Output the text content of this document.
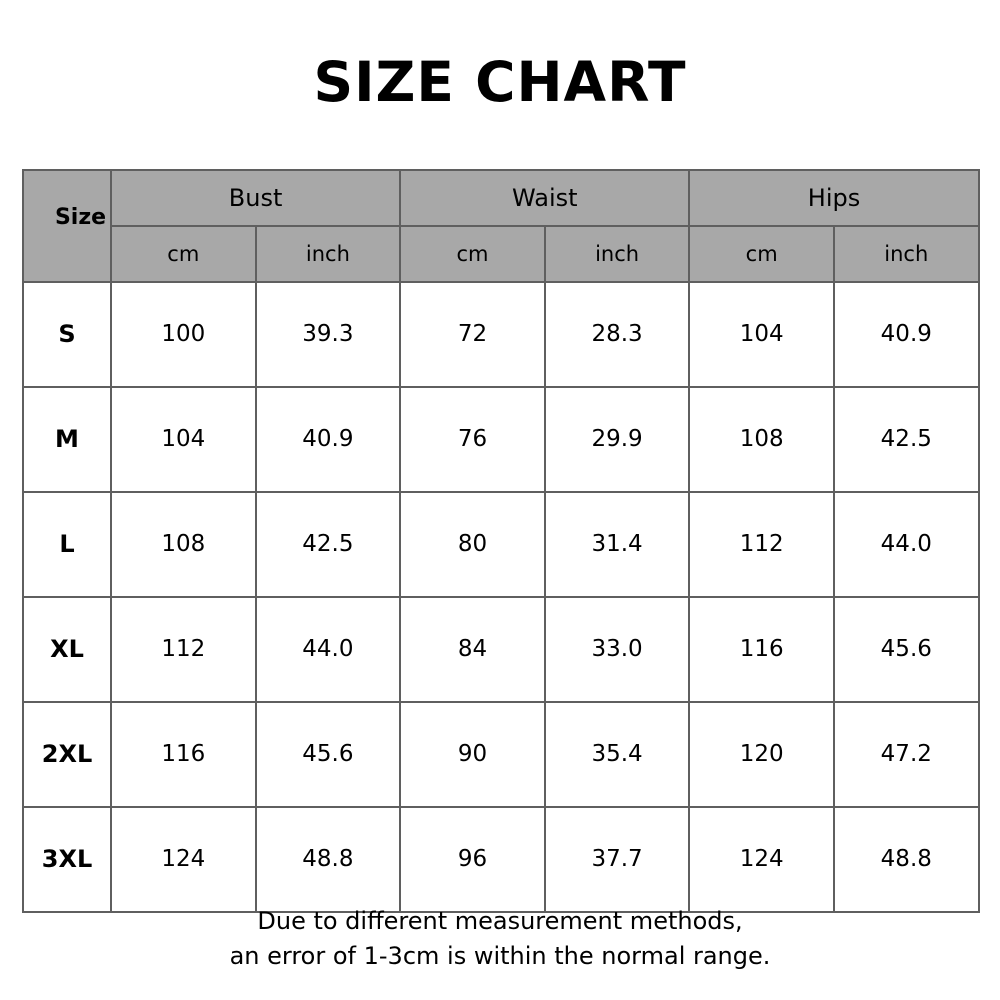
SIZE CHART
Size	Bust		Waist		Hips	
	cm	inch	cm	inch	cm	inch
S	100	39.3	72	28.3	104	40.9
M	104	40.9	76	29.9	108	42.5
L	108	42.5	80	31.4	112	44.0
XL	112	44.0	84	33.0	116	45.6
2XL	116	45.6	90	35.4	120	47.2
3XL	124	48.8	96	37.7	124	48.8
Due to different measurement methods,
an error of 1-3cm is within the normal range.
